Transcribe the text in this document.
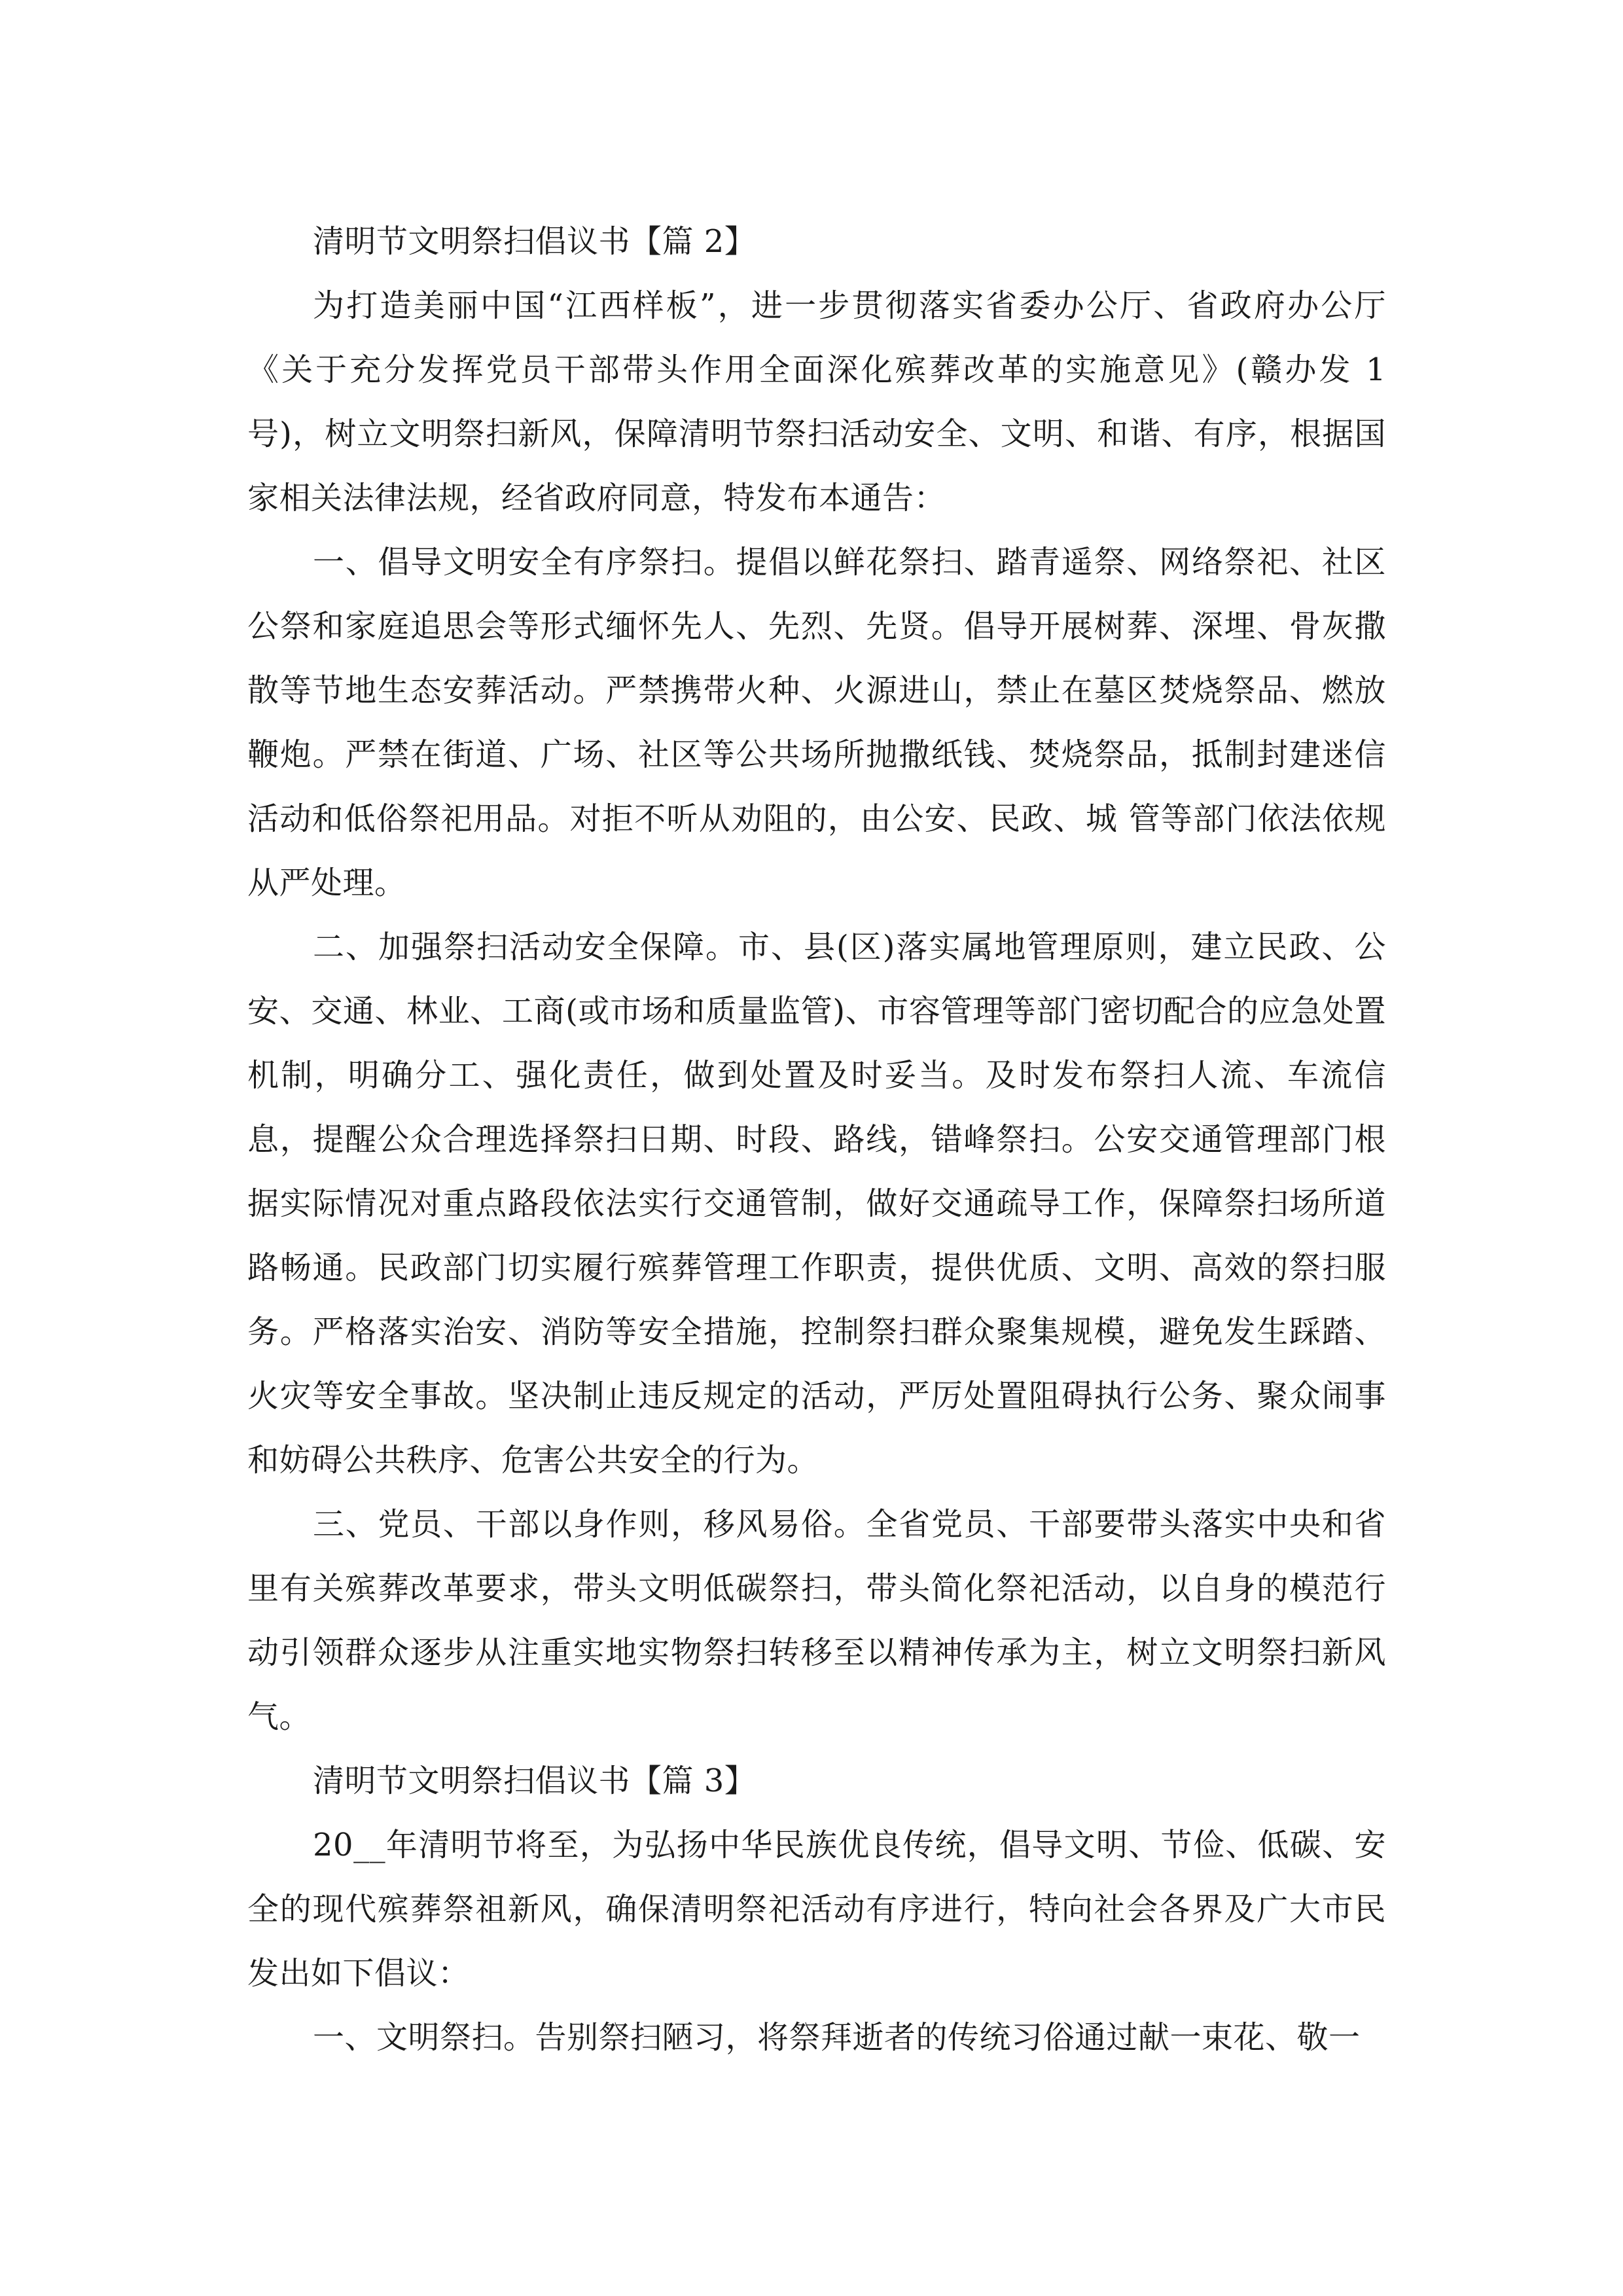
清明节文明祭扫倡议书【篇 2】

为打造美丽中国“江西样板”，进一步贯彻落实省委办公厅、省政府办公厅《关于充分发挥党员干部带头作用全面深化殡葬改革的实施意见》(赣办发 1 号)，树立文明祭扫新风，保障清明节祭扫活动安全、文明、和谐、有序，根据国家相关法律法规，经省政府同意，特发布本通告：

一、倡导文明安全有序祭扫。提倡以鲜花祭扫、踏青遥祭、网络祭祀、社区公祭和家庭追思会等形式缅怀先人、先烈、先贤。倡导开展树葬、深埋、骨灰撒散等节地生态安葬活动。严禁携带火种、火源进山，禁止在墓区焚烧祭品、燃放鞭炮。严禁在街道、广场、社区等公共场所抛撒纸钱、焚烧祭品，抵制封建迷信活动和低俗祭祀用品。对拒不听从劝阻的，由公安、民政、城 管等部门依法依规从严处理。

二、加强祭扫活动安全保障。市、县(区)落实属地管理原则，建立民政、公安、交通、林业、工商(或市场和质量监管)、市容管理等部门密切配合的应急处置机制，明确分工、强化责任，做到处置及时妥当。及时发布祭扫人流、车流信息，提醒公众合理选择祭扫日期、时段、路线，错峰祭扫。公安交通管理部门根据实际情况对重点路段依法实行交通管制，做好交通疏导工作，保障祭扫场所道路畅通。民政部门切实履行殡葬管理工作职责，提供优质、文明、高效的祭扫服务。严格落实治安、消防等安全措施，控制祭扫群众聚集规模，避免发生踩踏、火灾等安全事故。坚决制止违反规定的活动，严厉处置阻碍执行公务、聚众闹事和妨碍公共秩序、危害公共安全的行为。

三、党员、干部以身作则，移风易俗。全省党员、干部要带头落实中央和省里有关殡葬改革要求，带头文明低碳祭扫，带头简化祭祀活动，以自身的模范行动引领群众逐步从注重实地实物祭扫转移至以精神传承为主，树立文明祭扫新风气。

清明节文明祭扫倡议书【篇 3】

20__年清明节将至，为弘扬中华民族优良传统，倡导文明、节俭、低碳、安全的现代殡葬祭祖新风，确保清明祭祀活动有序进行，特向社会各界及广大市民发出如下倡议：

一、文明祭扫。告别祭扫陋习，将祭拜逝者的传统习俗通过献一束花、敬一
